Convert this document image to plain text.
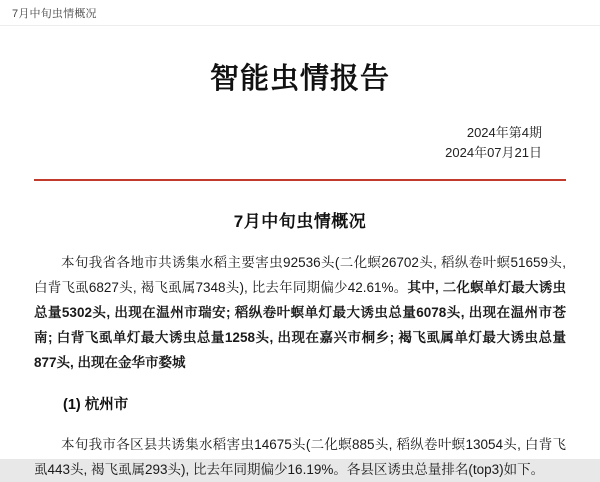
7月中旬虫情概况
智能虫情报告
2024年第4期
2024年07月21日
7月中旬虫情概况

本旬我省各地市共诱集水稻主要害虫92536头(二化螟26702头, 稻纵卷叶螟51659头, 白背飞虱6827头, 褐飞虱属7348头), 比去年同期偏少42.61%。其中, 二化螟单灯最大诱虫总量5302头, 出现在温州市瑞安; 稻纵卷叶螟单灯最大诱虫总量6078头, 出现在温州市苍南; 白背飞虱单灯最大诱虫总量1258头, 出现在嘉兴市桐乡; 褐飞虱属单灯最大诱虫总量877头, 出现在金华市婺城

(1) 杭州市

本旬我市各区县共诱集水稻害虫14675头(二化螟885头, 稻纵卷叶螟13054头, 白背飞虱443头, 褐飞虱属293头), 比去年同期偏少16.19%。各县区诱虫总量排名(top3)如下。
